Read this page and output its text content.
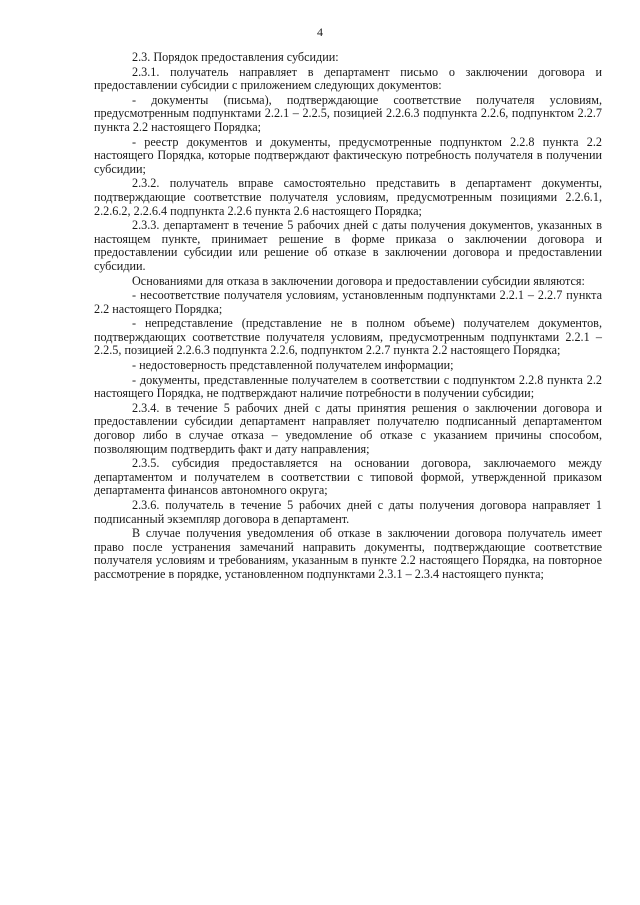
4

2.3. Порядок предоставления субсидии:

2.3.1. получатель направляет в департамент письмо о заключении договора и предоставлении субсидии с приложением следующих документов:

- документы (письма), подтверждающие соответствие получателя условиям, предусмотренным подпунктами 2.2.1 – 2.2.5, позицией 2.2.6.3 подпункта 2.2.6, подпунктом 2.2.7 пункта 2.2 настоящего Порядка;

- реестр документов и документы, предусмотренные подпунктом 2.2.8 пункта 2.2 настоящего Порядка, которые подтверждают фактическую потребность получателя в получении субсидии;

2.3.2. получатель вправе самостоятельно представить в департамент документы, подтверждающие соответствие получателя условиям, предусмотренным позициями 2.2.6.1, 2.2.6.2, 2.2.6.4 подпункта 2.2.6 пункта 2.6 настоящего Порядка;

2.3.3. департамент в течение 5 рабочих дней с даты получения документов, указанных в настоящем пункте, принимает решение в форме приказа о заключении договора и предоставлении субсидии или решение об отказе в заключении договора и предоставлении субсидии.

Основаниями для отказа в заключении договора и предоставлении субсидии являются:

- несоответствие получателя условиям, установленным подпунктами 2.2.1 – 2.2.7 пункта 2.2 настоящего Порядка;

- непредставление (представление не в полном объеме) получателем документов, подтверждающих соответствие получателя условиям, предусмотренным подпунктами 2.2.1 – 2.2.5, позицией 2.2.6.3 подпункта 2.2.6, подпунктом 2.2.7 пункта 2.2 настоящего Порядка;

- недостоверность представленной получателем информации;

- документы, представленные получателем в соответствии с подпунктом 2.2.8 пункта 2.2 настоящего Порядка, не подтверждают наличие потребности в получении субсидии;

2.3.4. в течение 5 рабочих дней с даты принятия решения о заключении договора и предоставлении субсидии департамент направляет получателю подписанный департаментом договор либо в случае отказа – уведомление об отказе с указанием причины способом, позволяющим подтвердить факт и дату направления;

2.3.5. субсидия предоставляется на основании договора, заключаемого между департаментом и получателем в соответствии с типовой формой, утвержденной приказом департамента финансов автономного округа;

2.3.6. получатель в течение 5 рабочих дней с даты получения договора направляет 1 подписанный экземпляр договора в департамент.

В случае получения уведомления об отказе в заключении договора получатель имеет право после устранения замечаний направить документы, подтверждающие соответствие получателя условиям и требованиям, указанным в пункте 2.2 настоящего Порядка, на повторное рассмотрение в порядке, установленном подпунктами 2.3.1 – 2.3.4 настоящего пункта;
